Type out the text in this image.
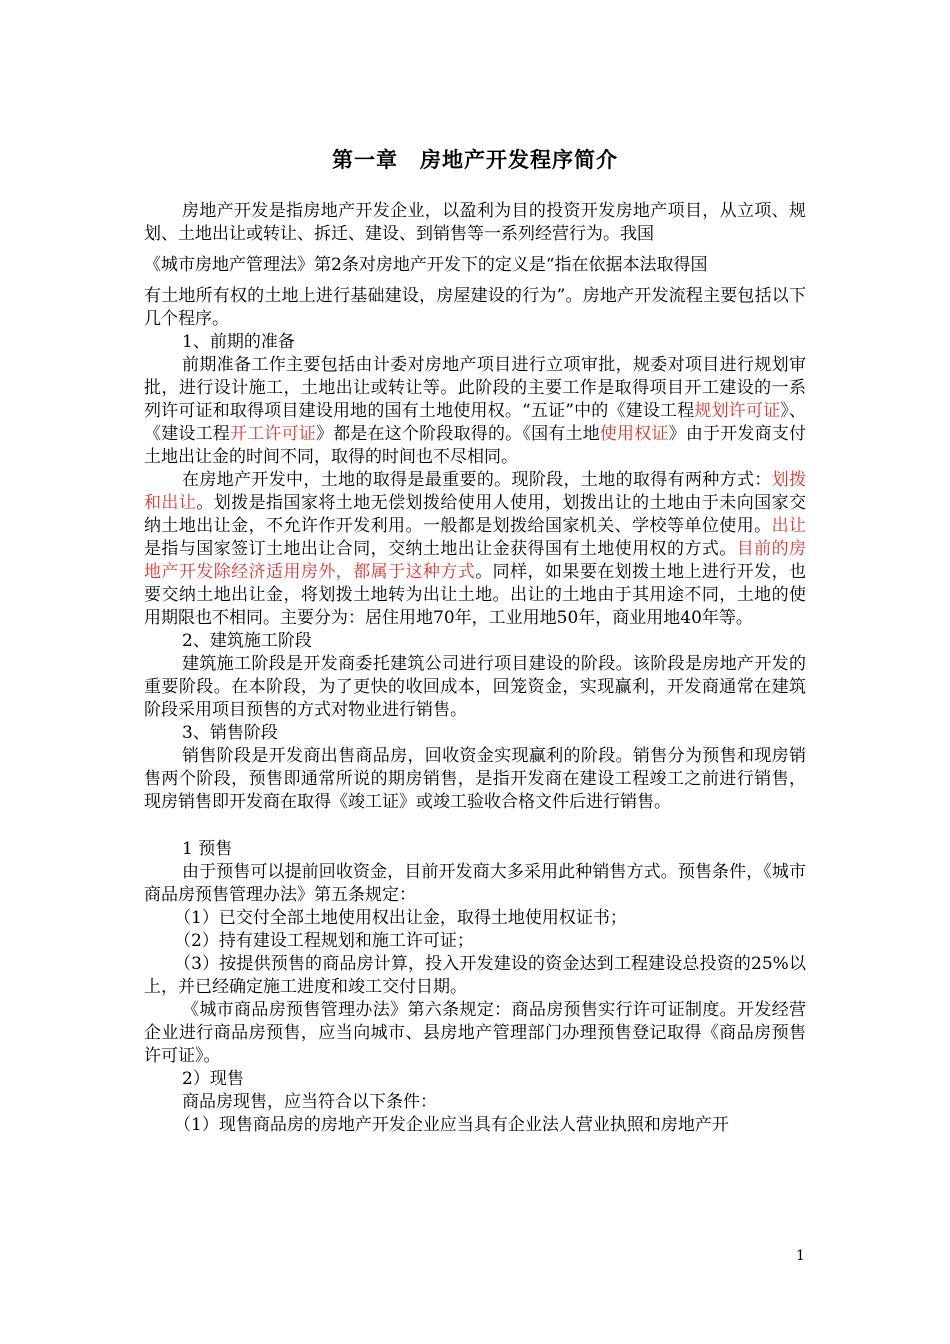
第一章 房地产开发程序简介

房地产开发是指房地产开发企业，以盈利为目的投资开发房地产项目，从立项、规划、土地出让或转让、拆迁、建设、到销售等一系列经营行为。我国

《城市房地产管理法》第2条对房地产开发下的定义是“指在依据本法取得国

有土地所有权的土地上进行基础建设，房屋建设的行为”。房地产开发流程主要包括以下几个程序。

1、前期的准备

前期准备工作主要包括由计委对房地产项目进行立项审批，规委对项目进行规划审批，进行设计施工，土地出让或转让等。此阶段的主要工作是取得项目开工建设的一系列许可证和取得项目建设用地的国有土地使用权。“五证”中的《建设工程规划许可证》、《建设工程开工许可证》都是在这个阶段取得的。《国有土地使用权证》由于开发商支付土地出让金的时间不同，取得的时间也不尽相同。

在房地产开发中，土地的取得是最重要的。现阶段，土地的取得有两种方式：划拨和出让。划拨是指国家将土地无偿划拨给使用人使用，划拨出让的土地由于未向国家交纳土地出让金，不允许作开发利用。一般都是划拨给国家机关、学校等单位使用。出让是指与国家签订土地出让合同，交纳土地出让金获得国有土地使用权的方式。目前的房地产开发除经济适用房外，都属于这种方式。同样，如果要在划拨土地上进行开发，也要交纳土地出让金，将划拨土地转为出让土地。出让的土地由于其用途不同，土地的使用期限也不相同。主要分为：居住用地70年，工业用地50年，商业用地40年等。

2、建筑施工阶段

建筑施工阶段是开发商委托建筑公司进行项目建设的阶段。该阶段是房地产开发的重要阶段。在本阶段，为了更快的收回成本，回笼资金，实现赢利，开发商通常在建筑阶段采用项目预售的方式对物业进行销售。

3、销售阶段

销售阶段是开发商出售商品房，回收资金实现赢利的阶段。销售分为预售和现房销售两个阶段，预售即通常所说的期房销售，是指开发商在建设工程竣工之前进行销售，现房销售即开发商在取得《竣工证》或竣工验收合格文件后进行销售。

1 预售

由于预售可以提前回收资金，目前开发商大多采用此种销售方式。预售条件，《城市商品房预售管理办法》第五条规定：

（1）已交付全部土地使用权出让金，取得土地使用权证书；

（2）持有建设工程规划和施工许可证；

（3）按提供预售的商品房计算，投入开发建设的资金达到工程建设总投资的25%以上，并已经确定施工进度和竣工交付日期。

《城市商品房预售管理办法》第六条规定：商品房预售实行许可证制度。开发经营企业进行商品房预售，应当向城市、县房地产管理部门办理预售登记取得《商品房预售许可证》。

2）现售

商品房现售，应当符合以下条件：

（1）现售商品房的房地产开发企业应当具有企业法人营业执照和房地产开

1
